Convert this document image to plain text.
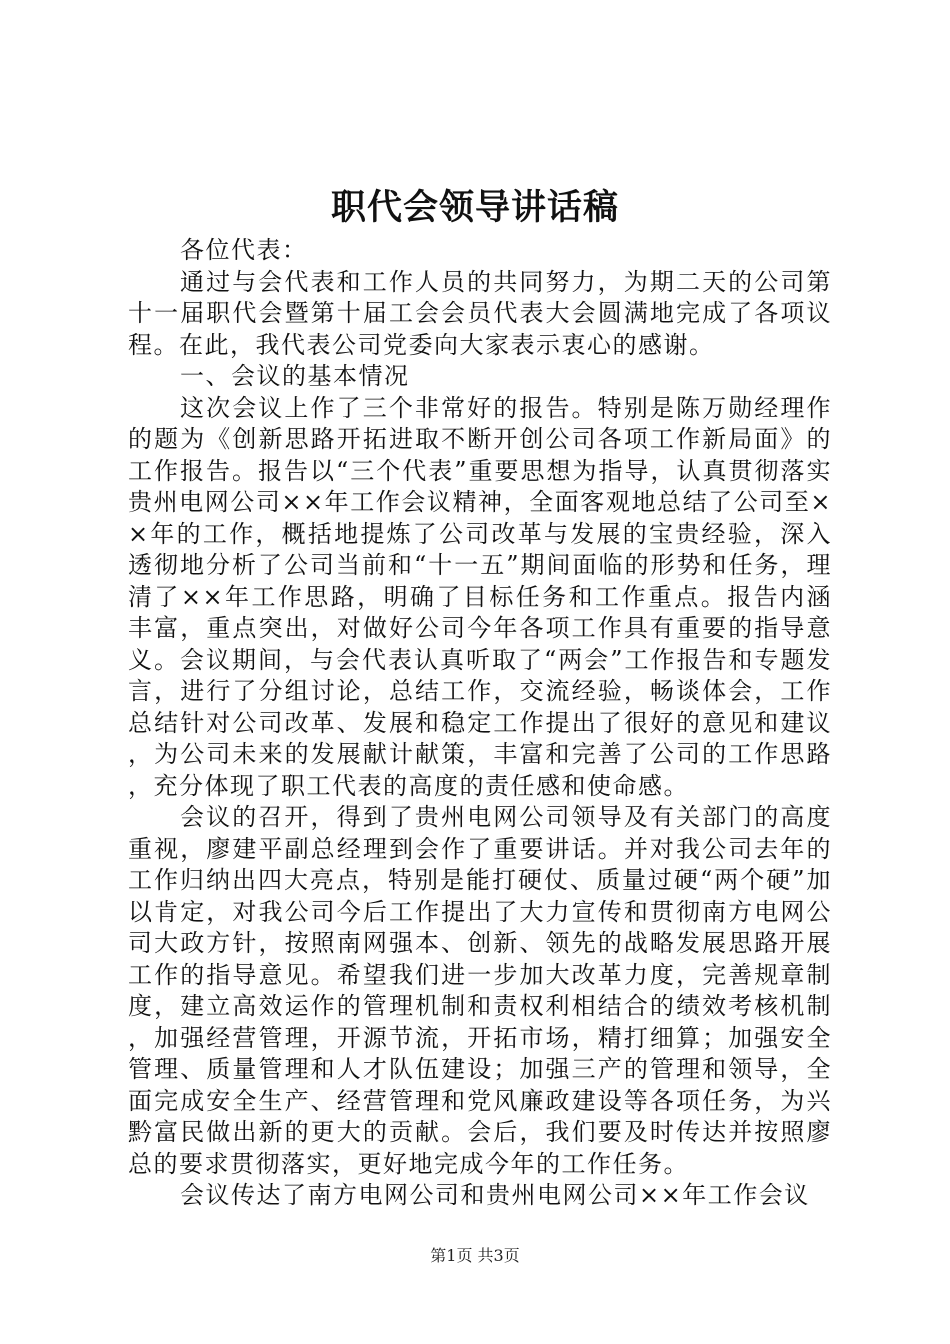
职代会领导讲话稿

各位代表：

通过与会代表和工作人员的共同努力，为期二天的公司第十一届职代会暨第十届工会会员代表大会圆满地完成了各项议程。在此，我代表公司党委向大家表示衷心的感谢。

一、会议的基本情况

这次会议上作了三个非常好的报告。特别是陈万勋经理作的题为《创新思路开拓进取不断开创公司各项工作新局面》的工作报告。报告以“三个代表”重要思想为指导，认真贯彻落实贵州电网公司××年工作会议精神，全面客观地总结了公司至××年的工作，概括地提炼了公司改革与发展的宝贵经验，深入透彻地分析了公司当前和“十一五”期间面临的形势和任务，理清了××年工作思路，明确了目标任务和工作重点。报告内涵丰富，重点突出，对做好公司今年各项工作具有重要的指导意义。会议期间，与会代表认真听取了“两会”工作报告和专题发言，进行了分组讨论，总结工作，交流经验，畅谈体会，工作总结针对公司改革、发展和稳定工作提出了很好的意见和建议，为公司未来的发展献计献策，丰富和完善了公司的工作思路，充分体现了职工代表的高度的责任感和使命感。

会议的召开，得到了贵州电网公司领导及有关部门的高度重视，廖建平副总经理到会作了重要讲话。并对我公司去年的工作归纳出四大亮点，特别是能打硬仗、质量过硬“两个硬”加以肯定，对我公司今后工作提出了大力宣传和贯彻南方电网公司大政方针，按照南网强本、创新、领先的战略发展思路开展工作的指导意见。希望我们进一步加大改革力度，完善规章制度，建立高效运作的管理机制和责权利相结合的绩效考核机制，加强经营管理，开源节流，开拓市场，精打细算；加强安全管理、质量管理和人才队伍建设；加强三产的管理和领导，全面完成安全生产、经营管理和党风廉政建设等各项任务，为兴黔富民做出新的更大的贡献。会后，我们要及时传达并按照廖总的要求贯彻落实，更好地完成今年的工作任务。

会议传达了南方电网公司和贵州电网公司××年工作会议

第1页 共3页
